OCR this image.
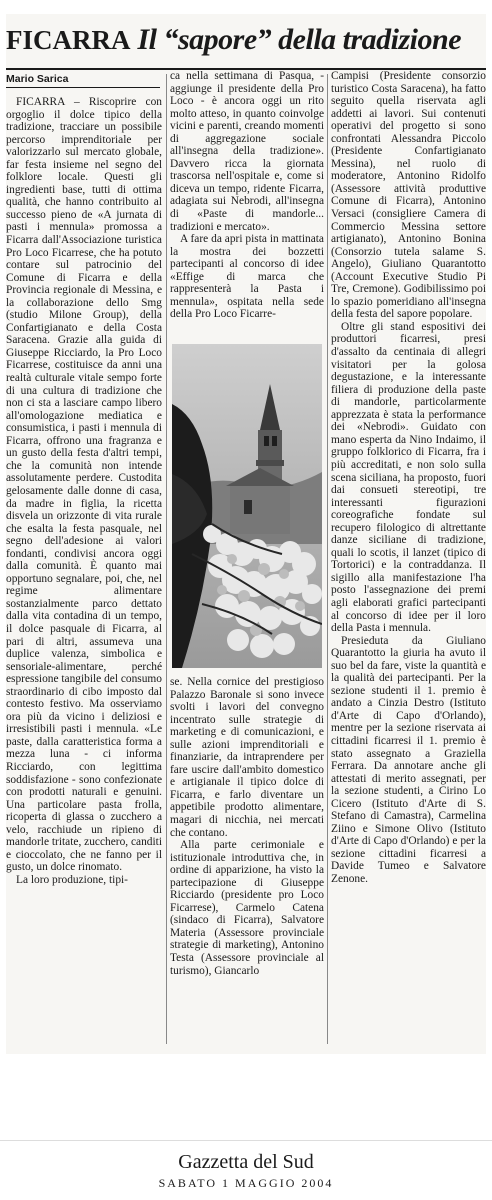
FICARRA Il “sapore” della tradizione
Mario Sarica

FICARRA – Riscoprire con orgoglio il dolce tipico della tradizione, tracciare un possibile percorso imprenditoriale per valorizzarlo sul mercato globale, far festa insieme nel segno del folklore locale. Questi gli ingredienti base, tutti di ottima qualità, che hanno contribuito al successo pieno de «A jurnata di pasti i mennula» promossa a Ficarra dall'Associazione turistica Pro Loco Ficarrese, che ha potuto contare sul patrocinio del Comune di Ficarra e della Provincia regionale di Messina, e la collaborazione dello Smg (studio Milone Group), della Confartigianato e della Costa Saracena. Grazie alla guida di Giuseppe Ricciardo, la Pro Loco Ficarrese, costituisce da anni una realtà culturale vitale sempo forte di una cultura di tradizione che non ci sta a lasciare campo libero all'omologazione mediatica e consumistica, i pasti i mennula di Ficarra, offrono una fragranza e un gusto della festa d'altri tempi, che la comunità non intende assolutamente perdere. Custodita gelosamente dalle donne di casa, da madre in figlia, la ricetta disvela un orizzonte di vita rurale che esalta la festa pasquale, nel segno dell'adesione ai valori fondanti, condivisi ancora oggi dalla comunità. È quanto mai opportuno segnalare, poi, che, nel regime alimentare sostanzialmente parco dettato dalla vita contadina di un tempo, il dolce pasquale di Ficarra, al pari di altri, assumeva una duplice valenza, simbolica e sensoriale-alimentare, perché espressione tangibile del consumo straordinario di cibo imposto dal contesto festivo. Ma osserviamo ora più da vicino i deliziosi e irresistibili pasti i mennula. «Le paste, dalla caratteristica forma a mezza luna - ci informa Ricciardo, con legittima soddisfazione - sono confezionate con prodotti naturali e genuini. Una particolare pasta frolla, ricoperta di glassa o zucchero a velo, racchiude un ripieno di mandorle tritate, zucchero, canditi e cioccolato, che ne fanno per il gusto, un dolce rinomato.

La loro produzione, tipi-

ca nella settimana di Pasqua, - aggiunge il presidente della Pro Loco - è ancora oggi un rito molto atteso, in quanto coinvolge vicini e parenti, creando momenti di aggregazione sociale all'insegna della tradizione». Davvero ricca la giornata trascorsa nell'ospitale e, come si diceva un tempo, ridente Ficarra, adagiata sui Nebrodi, all'insegna di «Paste di mandorle... tradizioni e mercato».

A fare da apri pista in mattinata la mostra dei bozzetti partecipanti al concorso di idee «Effige di marca che rappresenterà la Pasta i mennula», ospitata nella sede della Pro Loco Ficarre-

se. Nella cornice del prestigioso Palazzo Baronale si sono invece svolti i lavori del convegno incentrato sulle strategie di marketing e di comunicazioni, e sulle azioni imprenditoriali e finanziarie, da intraprendere per fare uscire dall'ambito domestico e artigianale il tipico dolce di Ficarra, e farlo diventare un appetibile prodotto alimentare, magari di nicchia, nei mercati che contano.

Alla parte cerimoniale e istituzionale introduttiva che, in ordine di apparizione, ha visto la partecipazione di Giuseppe Ricciardo (presidente pro Loco Ficarrese), Carmelo Catena (sindaco di Ficarra), Salvatore Materia (Assessore provinciale strategie di marketing), Antonino Testa (Assessore provinciale al turismo), Giancarlo

Campisi (Presidente consorzio turistico Costa Saracena), ha fatto seguito quella riservata agli addetti ai lavori. Sui contenuti operativi del progetto si sono confrontati Alessandra Piccolo (Presidente Confartigianato Messina), nel ruolo di moderatore, Antonino Ridolfo (Assessore attività produttive Comune di Ficarra), Antonino Versaci (consigliere Camera di Commercio Messina settore artigianato), Antonino Bonina (Consorzio tutela salame S. Angelo), Giuliano Quarantotto (Account Executive Studio Pi Tre, Cremone). Godibilissimo poi lo spazio pomeridiano all'insegna della festa del sapore popolare.

Oltre gli stand espositivi dei produttori ficarresi, presi d'assalto da centinaia di allegri visitatori per la golosa degustazione, e la interessante filiera di produzione della paste di mandorle, particolarmente apprezzata è stata la performance dei «Nebrodi». Guidato con mano esperta da Nino Indaimo, il gruppo folklorico di Ficarra, fra i più accreditati, e non solo sulla scena siciliana, ha proposto, fuori dai consueti stereotipi, tre interessanti figurazioni coreografiche fondate sul recupero filologico di altrettante danze siciliane di tradizione, quali lo scotis, il lanzet (tipico di Tortorici) e la contraddanza. Il sigillo alla manifestazione l'ha posto l'assegnazione dei premi agli elaborati grafici partecipanti al concorso di idee per il loro della Pasta i mennula.

Presieduta da Giuliano Quarantotto la giuria ha avuto il suo bel da fare, viste la quantità e la qualità dei partecipanti. Per la sezione studenti il 1. premio è andato a Cinzia Destro (Istituto d'Arte di Capo d'Orlando), mentre per la sezione riservata ai cittadini ficarresi il 1. premio è stato assegnato a Graziella Ferrara. Da annotare anche gli attestati di merito assegnati, per la sezione studenti, a Cirino Lo Cicero (Istituto d'Arte di S. Stefano di Camastra), Carmelina Ziino e Simone Olivo (Istituto d'Arte di Capo d'Orlando) e per la sezione cittadini ficarresi a Davide Tumeo e Salvatore Zenone.

Gazzetta del Sud
SABATO 1 MAGGIO 2004
